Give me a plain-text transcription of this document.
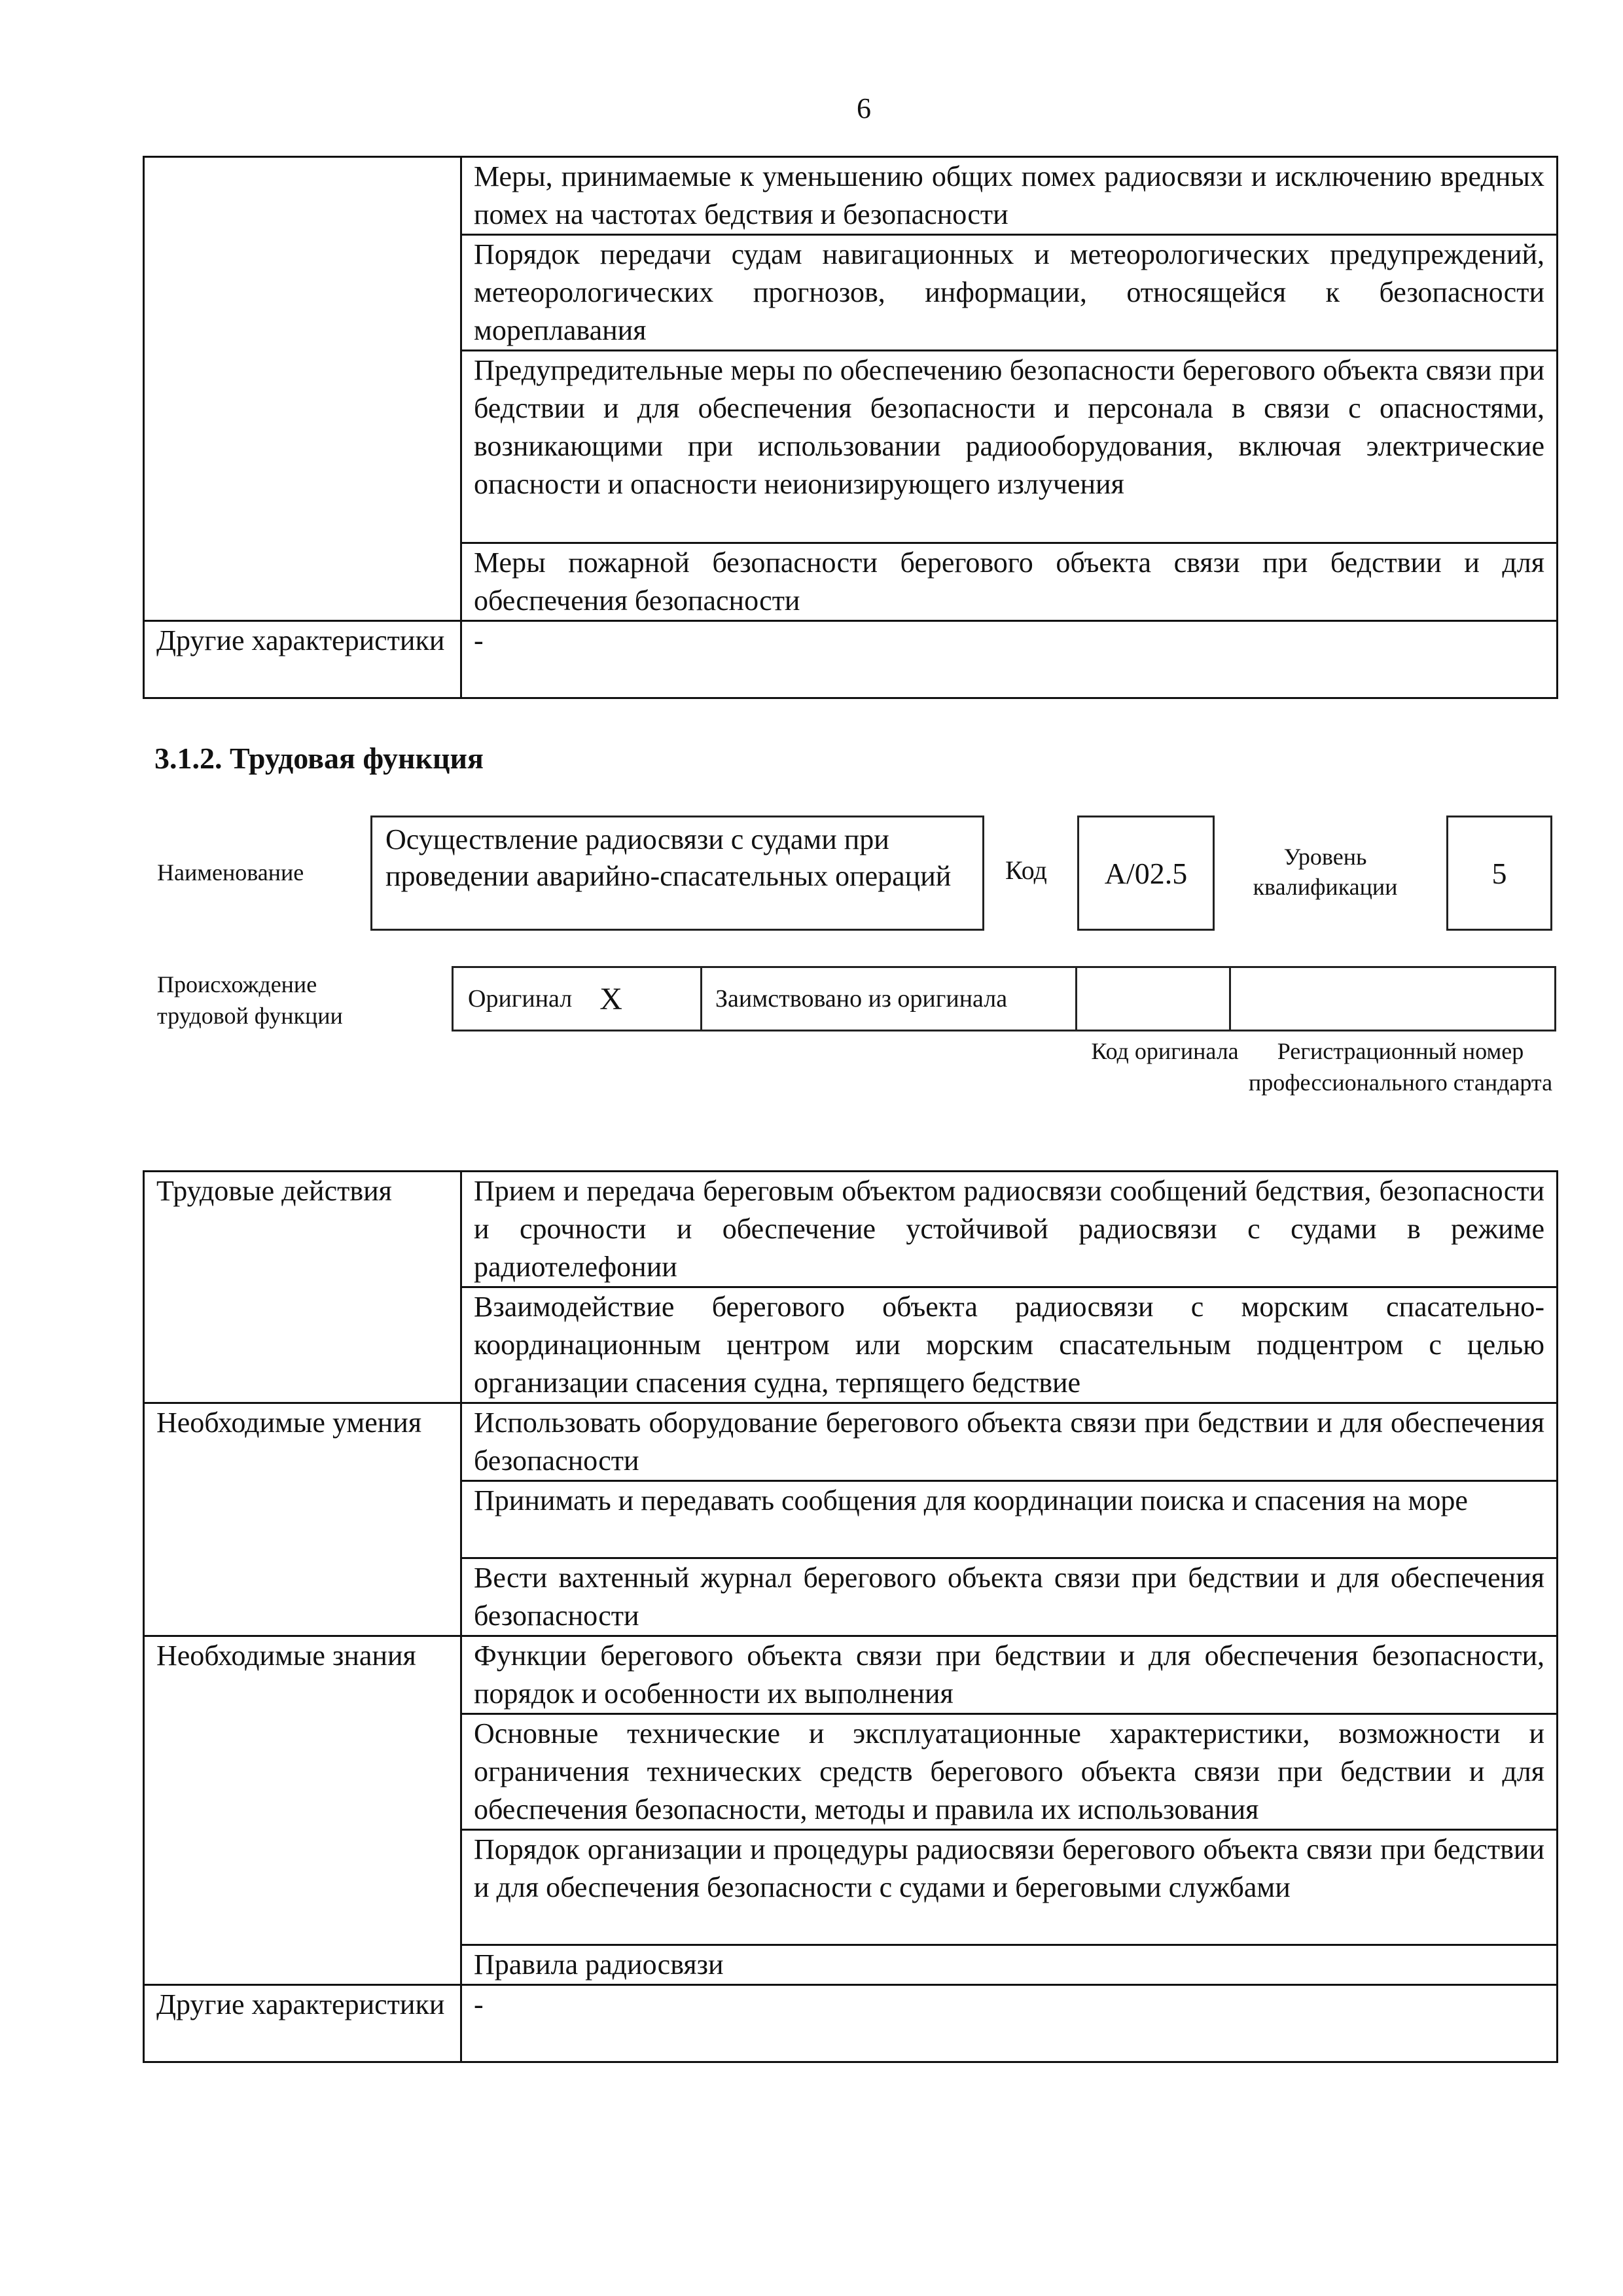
6
	Меры, принимаемые к уменьшению общих помех радиосвязи и исключению вредных помех на частотах бедствия и безопасности
	Порядок передачи судам навигационных и метеорологических предупреждений, метеорологических прогнозов, информации, относящейся к безопасности мореплавания
	Предупредительные меры по обеспечению безопасности берегового объекта связи при бедствии и для обеспечения безопасности и персонала в связи с опасностями, возникающими при использовании радиооборудования, включая электрические опасности и опасности неионизирующего излучения
	Меры пожарной безопасности берегового объекта связи при бедствии и для обеспечения безопасности
Другие характеристики	-
3.1.2. Трудовая функция
Наименование
Осуществление радиосвязи с судами при проведении аварийно-спасательных операций	Код	А/02.5	Уровень квалификации	5
Происхождение трудовой функции
Оригинал X	Заимствовано из оригинала
Код оригинала	Регистрационный номер профессионального стандарта
Трудовые действия	Прием и передача береговым объектом радиосвязи сообщений бедствия, безопасности и срочности и обеспечение устойчивой радиосвязи с судами в режиме радиотелефонии
	Взаимодействие берегового объекта радиосвязи с морским спасательно-координационным центром или морским спасательным подцентром с целью организации спасения судна, терпящего бедствие
Необходимые умения	Использовать оборудование берегового объекта связи при бедствии и для обеспечения безопасности
	Принимать и передавать сообщения для координации поиска и спасения на море
	Вести вахтенный журнал берегового объекта связи при бедствии и для обеспечения безопасности
Необходимые знания	Функции берегового объекта связи при бедствии и для обеспечения безопасности, порядок и особенности их выполнения
	Основные технические и эксплуатационные характеристики, возможности и ограничения технических средств берегового объекта связи при бедствии и для обеспечения безопасности, методы и правила их использования
	Порядок организации и процедуры радиосвязи берегового объекта связи при бедствии и для обеспечения безопасности с судами и береговыми службами
	Правила радиосвязи
Другие характеристики	-
